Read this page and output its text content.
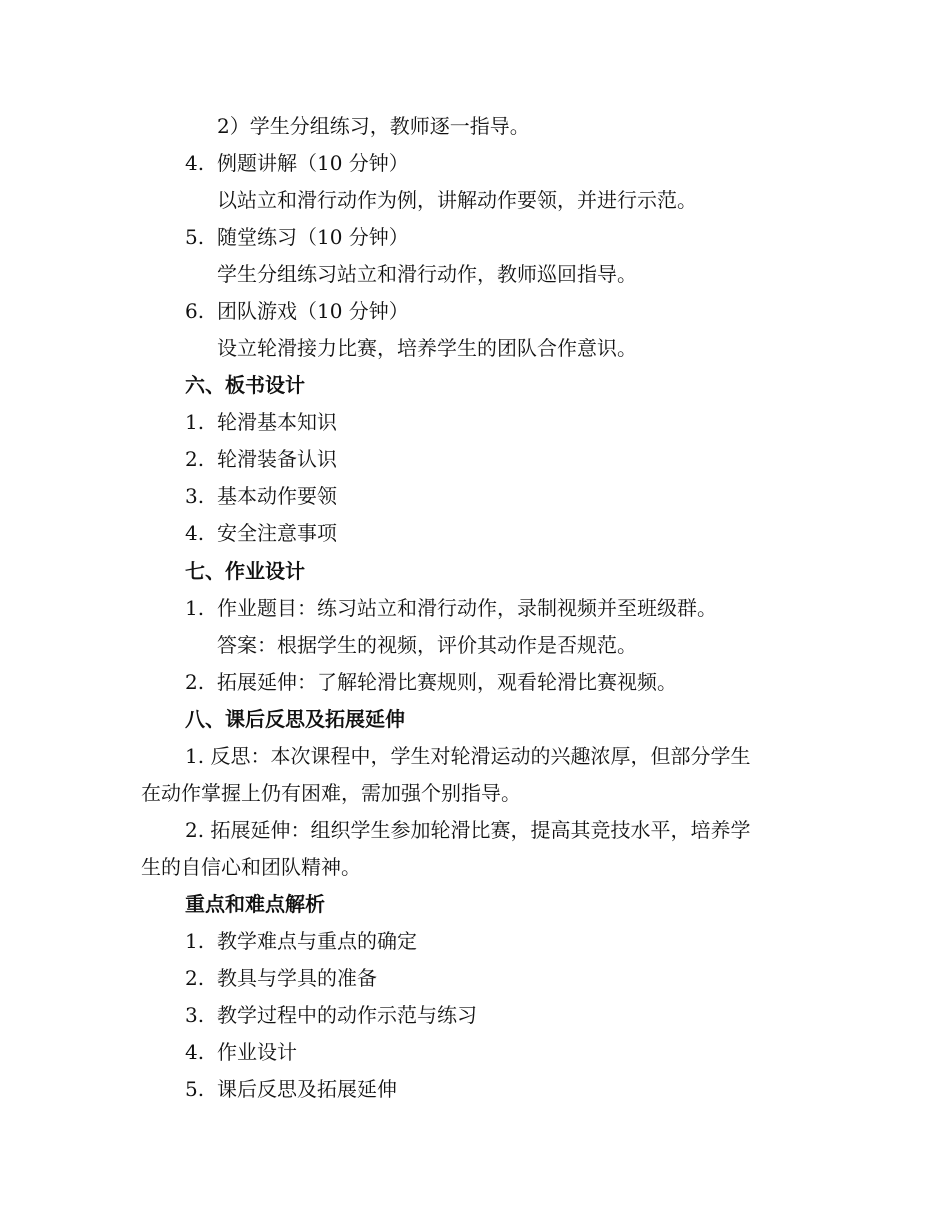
2）学生分组练习，教师逐一指导。
4. 例题讲解（10 分钟）
以站立和滑行动作为例，讲解动作要领，并进行示范。
5. 随堂练习（10 分钟）
学生分组练习站立和滑行动作，教师巡回指导。
6. 团队游戏（10 分钟）
设立轮滑接力比赛，培养学生的团队合作意识。
六、板书设计
1. 轮滑基本知识
2. 轮滑装备认识
3. 基本动作要领
4. 安全注意事项
七、作业设计
1. 作业题目：练习站立和滑行动作，录制视频并至班级群。
答案：根据学生的视频，评价其动作是否规范。
2. 拓展延伸：了解轮滑比赛规则，观看轮滑比赛视频。
八、课后反思及拓展延伸
1. 反思：本次课程中，学生对轮滑运动的兴趣浓厚，但部分学生
在动作掌握上仍有困难，需加强个别指导。
2. 拓展延伸：组织学生参加轮滑比赛，提高其竞技水平，培养学
生的自信心和团队精神。
重点和难点解析
1. 教学难点与重点的确定
2. 教具与学具的准备
3. 教学过程中的动作示范与练习
4. 作业设计
5. 课后反思及拓展延伸
